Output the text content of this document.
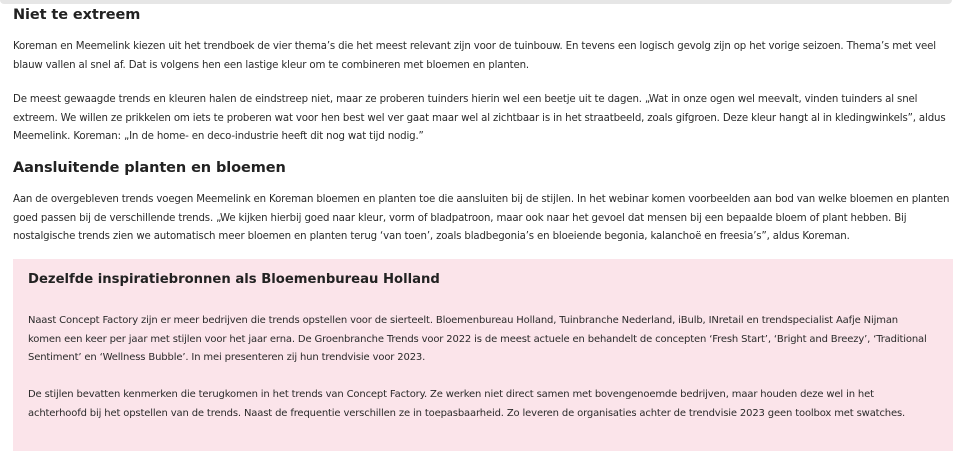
Niet te extreem

Koreman en Meemelink kiezen uit het trendboek de vier thema’s die het meest relevant zijn voor de tuinbouw. En tevens een logisch gevolg zijn op het vorige seizoen. Thema’s met veel blauw vallen al snel af. Dat is volgens hen een lastige kleur om te combineren met bloemen en planten.

De meest gewaagde trends en kleuren halen de eindstreep niet, maar ze proberen tuinders hierin wel een beetje uit te dagen. „Wat in onze ogen wel meevalt, vinden tuinders al snel extreem. We willen ze prikkelen om iets te proberen wat voor hen best wel ver gaat maar wel al zichtbaar is in het straatbeeld, zoals gifgroen. Deze kleur hangt al in kledingwinkels”, aldus Meemelink. Koreman: „In de home- en deco-industrie heeft dit nog wat tijd nodig.”

Aansluitende planten en bloemen

Aan de overgebleven trends voegen Meemelink en Koreman bloemen en planten toe die aansluiten bij de stijlen. In het webinar komen voorbeelden aan bod van welke bloemen en planten goed passen bij de verschillende trends. „We kijken hierbij goed naar kleur, vorm of bladpatroon, maar ook naar het gevoel dat mensen bij een bepaalde bloem of plant hebben. Bij nostalgische trends zien we automatisch meer bloemen en planten terug ‘van toen’, zoals bladbegonia’s en bloeiende begonia, kalanchoë en freesia’s”, aldus Koreman.

Dezelfde inspiratiebronnen als Bloemenbureau Holland

Naast Concept Factory zijn er meer bedrijven die trends opstellen voor de sierteelt. Bloemenbureau Holland, Tuinbranche Nederland, iBulb, INretail en trendspecialist Aafje Nijman komen een keer per jaar met stijlen voor het jaar erna. De Groenbranche Trends voor 2022 is de meest actuele en behandelt de concepten ‘Fresh Start’, ‘Bright and Breezy’, ‘Traditional Sentiment’ en ‘Wellness Bubble’. In mei presenteren zij hun trendvisie voor 2023.

De stijlen bevatten kenmerken die terugkomen in het trends van Concept Factory. Ze werken niet direct samen met bovengenoemde bedrijven, maar houden deze wel in het achterhoofd bij het opstellen van de trends. Naast de frequentie verschillen ze in toepasbaarheid. Zo leveren de organisaties achter de trendvisie 2023 geen toolbox met swatches.
